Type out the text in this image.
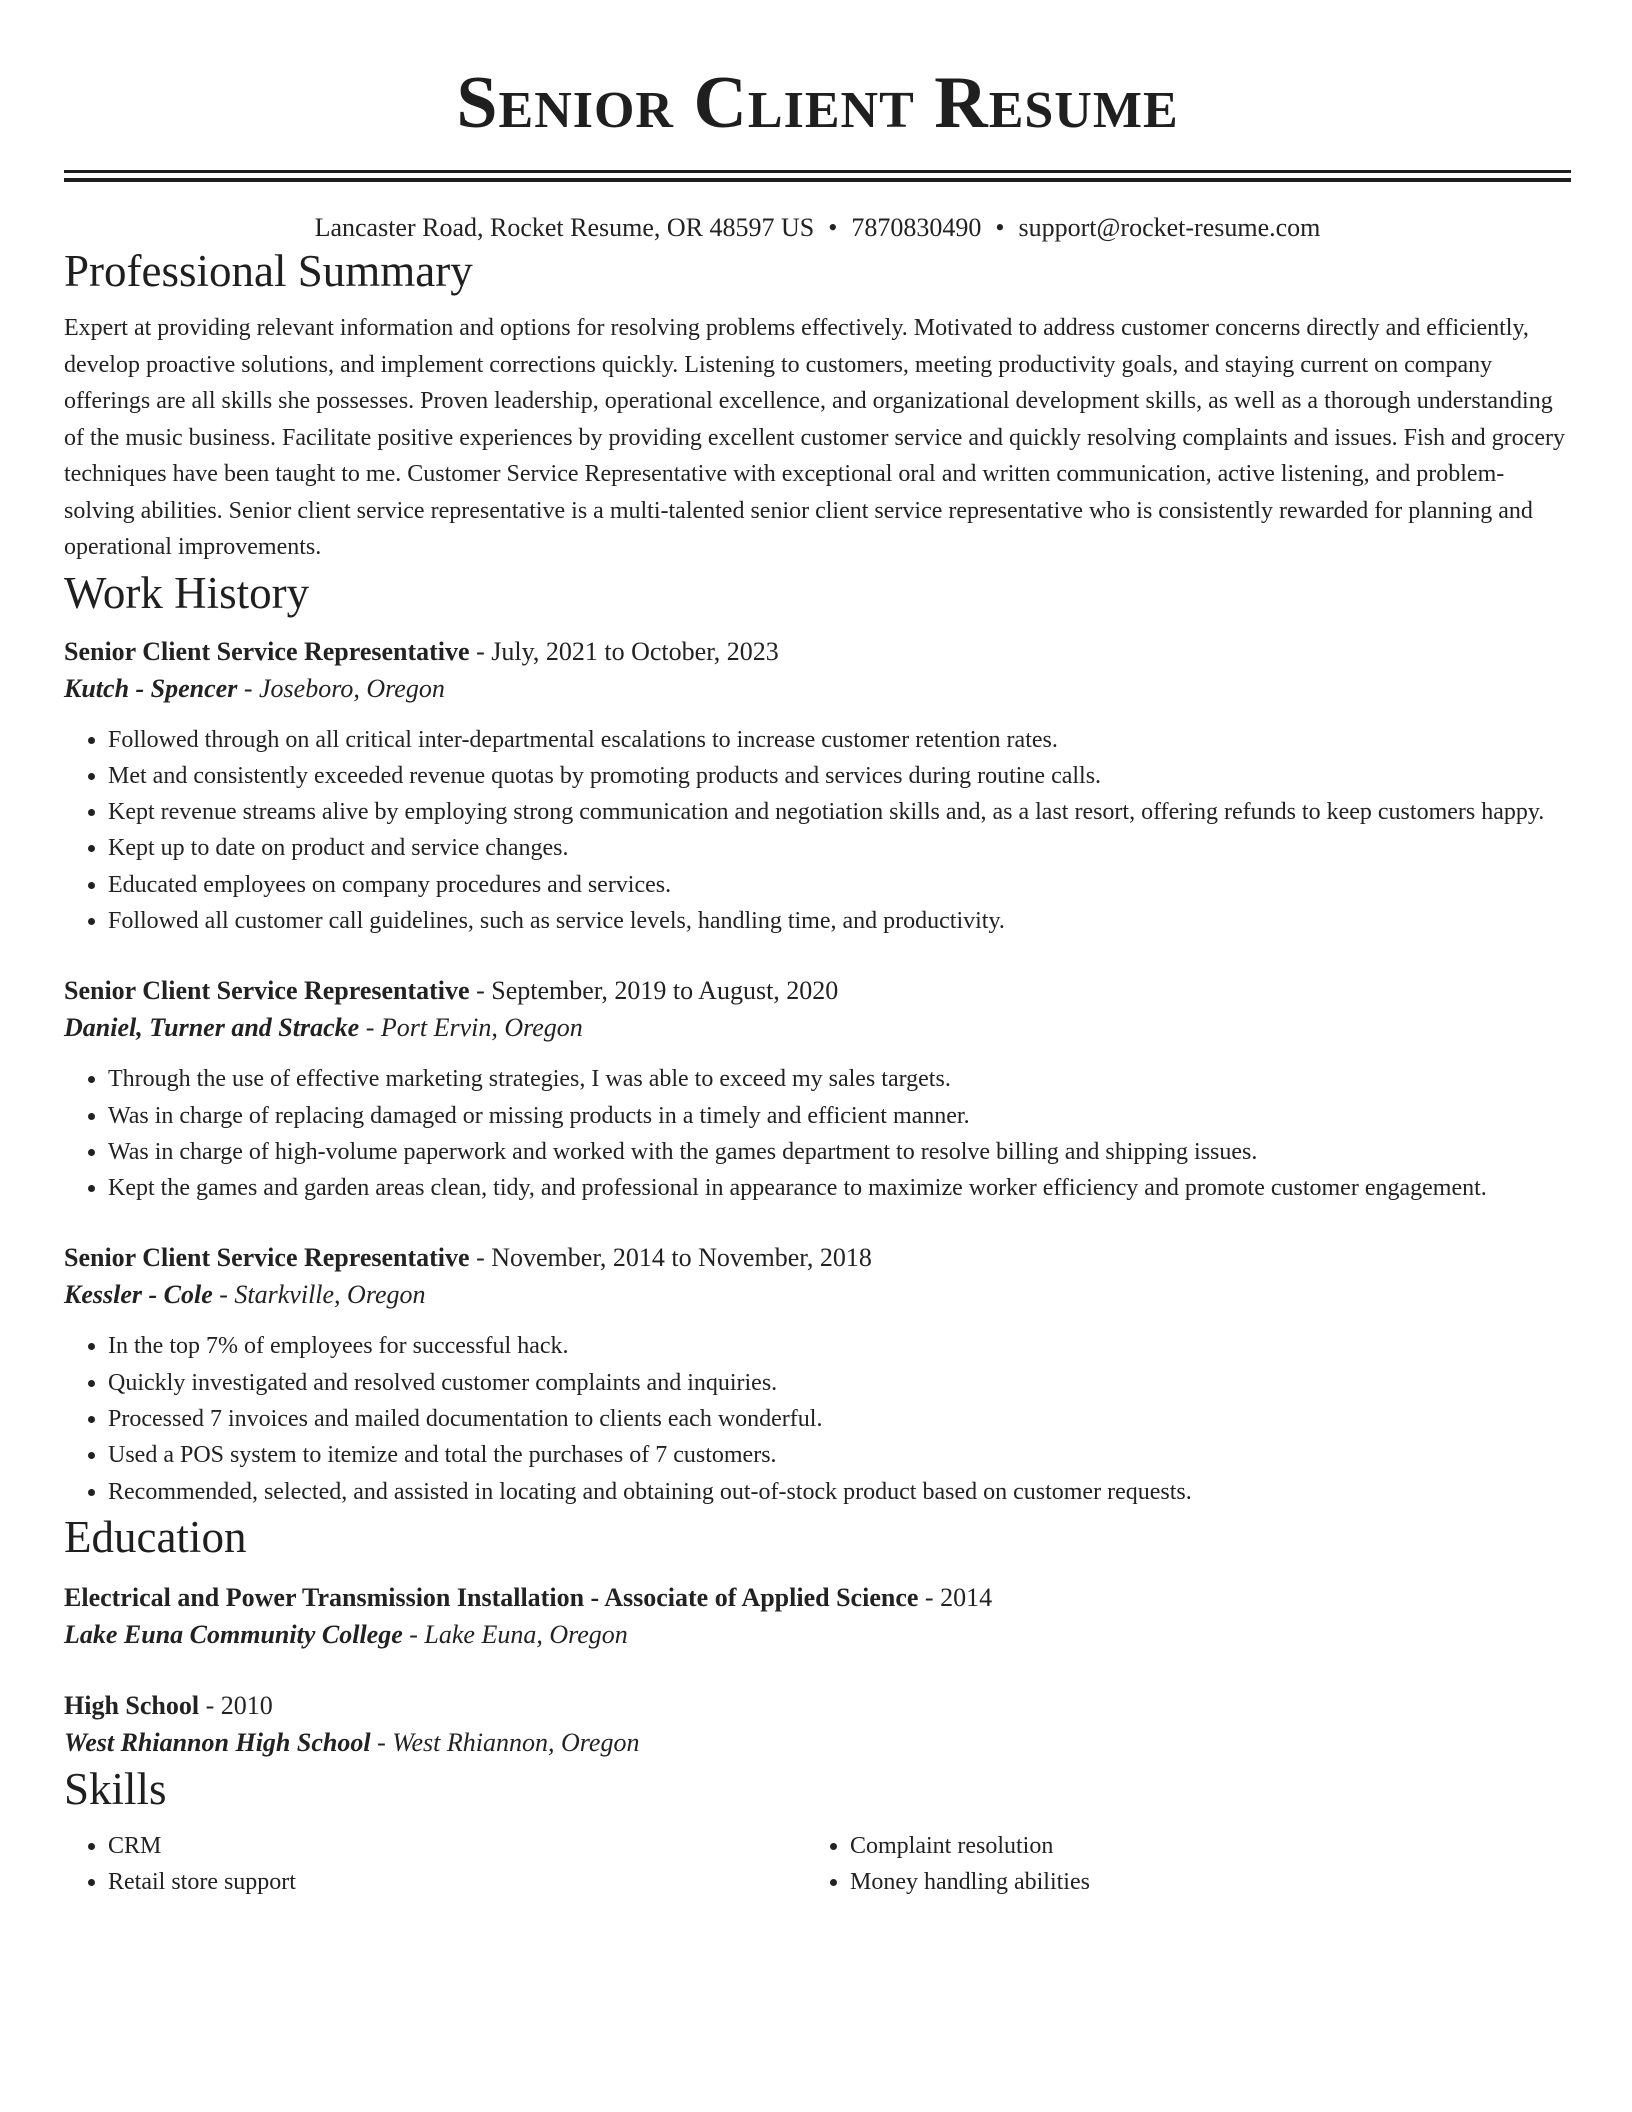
Senior Client Resume
Lancaster Road, Rocket Resume, OR 48597 US • 7870830490 • support@rocket-resume.com
Professional Summary
Expert at providing relevant information and options for resolving problems effectively. Motivated to address customer concerns directly and efficiently, develop proactive solutions, and implement corrections quickly. Listening to customers, meeting productivity goals, and staying current on company offerings are all skills she possesses. Proven leadership, operational excellence, and organizational development skills, as well as a thorough understanding of the music business. Facilitate positive experiences by providing excellent customer service and quickly resolving complaints and issues. Fish and grocery techniques have been taught to me. Customer Service Representative with exceptional oral and written communication, active listening, and problem-solving abilities. Senior client service representative is a multi-talented senior client service representative who is consistently rewarded for planning and operational improvements.
Work History
Senior Client Service Representative - July, 2021 to October, 2023
Kutch - Spencer - Joseboro, Oregon
• Followed through on all critical inter-departmental escalations to increase customer retention rates.
• Met and consistently exceeded revenue quotas by promoting products and services during routine calls.
• Kept revenue streams alive by employing strong communication and negotiation skills and, as a last resort, offering refunds to keep customers happy.
• Kept up to date on product and service changes.
• Educated employees on company procedures and services.
• Followed all customer call guidelines, such as service levels, handling time, and productivity.
Senior Client Service Representative - September, 2019 to August, 2020
Daniel, Turner and Stracke - Port Ervin, Oregon
• Through the use of effective marketing strategies, I was able to exceed my sales targets.
• Was in charge of replacing damaged or missing products in a timely and efficient manner.
• Was in charge of high-volume paperwork and worked with the games department to resolve billing and shipping issues.
• Kept the games and garden areas clean, tidy, and professional in appearance to maximize worker efficiency and promote customer engagement.
Senior Client Service Representative - November, 2014 to November, 2018
Kessler - Cole - Starkville, Oregon
• In the top 7% of employees for successful hack.
• Quickly investigated and resolved customer complaints and inquiries.
• Processed 7 invoices and mailed documentation to clients each wonderful.
• Used a POS system to itemize and total the purchases of 7 customers.
• Recommended, selected, and assisted in locating and obtaining out-of-stock product based on customer requests.
Education
Electrical and Power Transmission Installation - Associate of Applied Science - 2014
Lake Euna Community College - Lake Euna, Oregon
High School - 2010
West Rhiannon High School - West Rhiannon, Oregon
Skills
• CRM
• Retail store support
• Complaint resolution
• Money handling abilities
